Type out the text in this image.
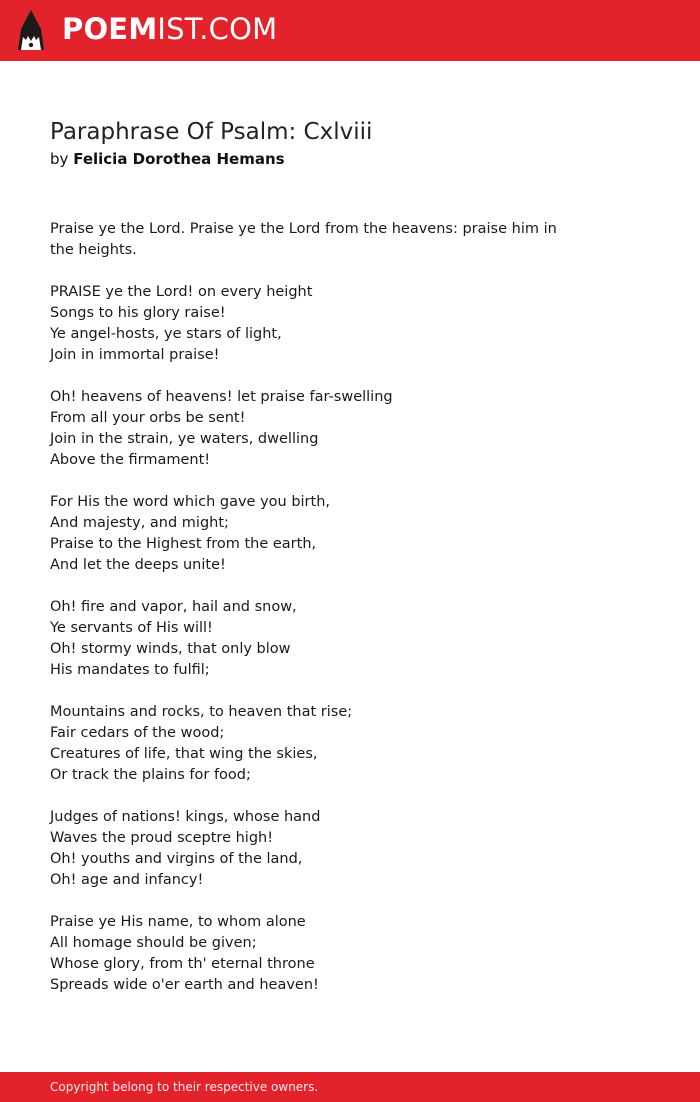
POEMIST.COM
Paraphrase Of Psalm: Cxlviii
by Felicia Dorothea Hemans

Praise ye the Lord. Praise ye the Lord from the heavens: praise him in the heights.

PRAISE ye the Lord! on every height
Songs to his glory raise!
Ye angel-hosts, ye stars of light,
Join in immortal praise!
Oh! heavens of heavens! let praise far-swelling
From all your orbs be sent!
Join in the strain, ye waters, dwelling
Above the firmament!
For His the word which gave you birth,
And majesty, and might;
Praise to the Highest from the earth,
And let the deeps unite!
Oh! fire and vapor, hail and snow,
Ye servants of His will!
Oh! stormy winds, that only blow
His mandates to fulfil;
Mountains and rocks, to heaven that rise;
Fair cedars of the wood;
Creatures of life, that wing the skies,
Or track the plains for food;
Judges of nations! kings, whose hand
Waves the proud sceptre high!
Oh! youths and virgins of the land,
Oh! age and infancy!
Praise ye His name, to whom alone
All homage should be given;
Whose glory, from th' eternal throne
Spreads wide o'er earth and heaven!
Copyright belong to their respective owners.
